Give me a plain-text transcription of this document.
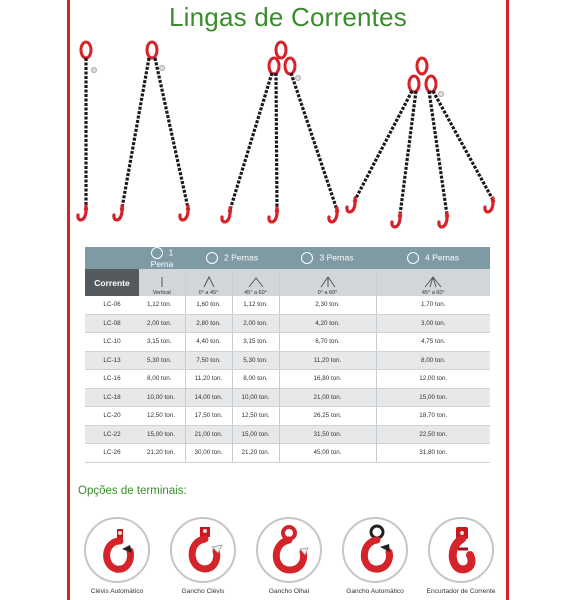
Lingas de Correntes
	1 Perna	2 Pernas		3 Pernas	4 Pernas
Corrente	Vertical	0° a 45°	45° a 60°	0° a 60°	45° a 60°
LC-06	1,12 ton.	1,60 ton.	1,12 ton.	2,30 ton.	1,70 ton.
LC-08	2,00 ton.	2,80 ton.	2,00 ton.	4,20 ton.	3,00 ton.
LC-10	3,15 ton.	4,40 ton.	3,15 ton.	6,70 ton.	4,75 ton.
LC-13	5,30 ton.	7,50 ton.	5,30 ton.	11,20 ton.	8,00 ton.
LC-16	8,00 ton.	11,20 ton.	8,00 ton.	16,80 ton.	12,00 ton.
LC-18	10,00 ton.	14,00 ton.	10,00 ton.	21,00 ton.	15,00 ton.
LC-20	12,50 ton.	17,50 ton.	12,50 ton.	26,25 ton.	18,70 ton.
LC-22	15,00 ton.	21,00 ton.	15,00 ton.	31,50 ton.	22,50 ton.
LC-26	21,20 ton.	30,00 ton.	21,20 ton.	45,00 ton.	31,80 ton.
Opções de terminais:
Clévis Automático	Gancho Clévis	Gancho Olhal	Gancho Automático	Encurtador de Corrente
